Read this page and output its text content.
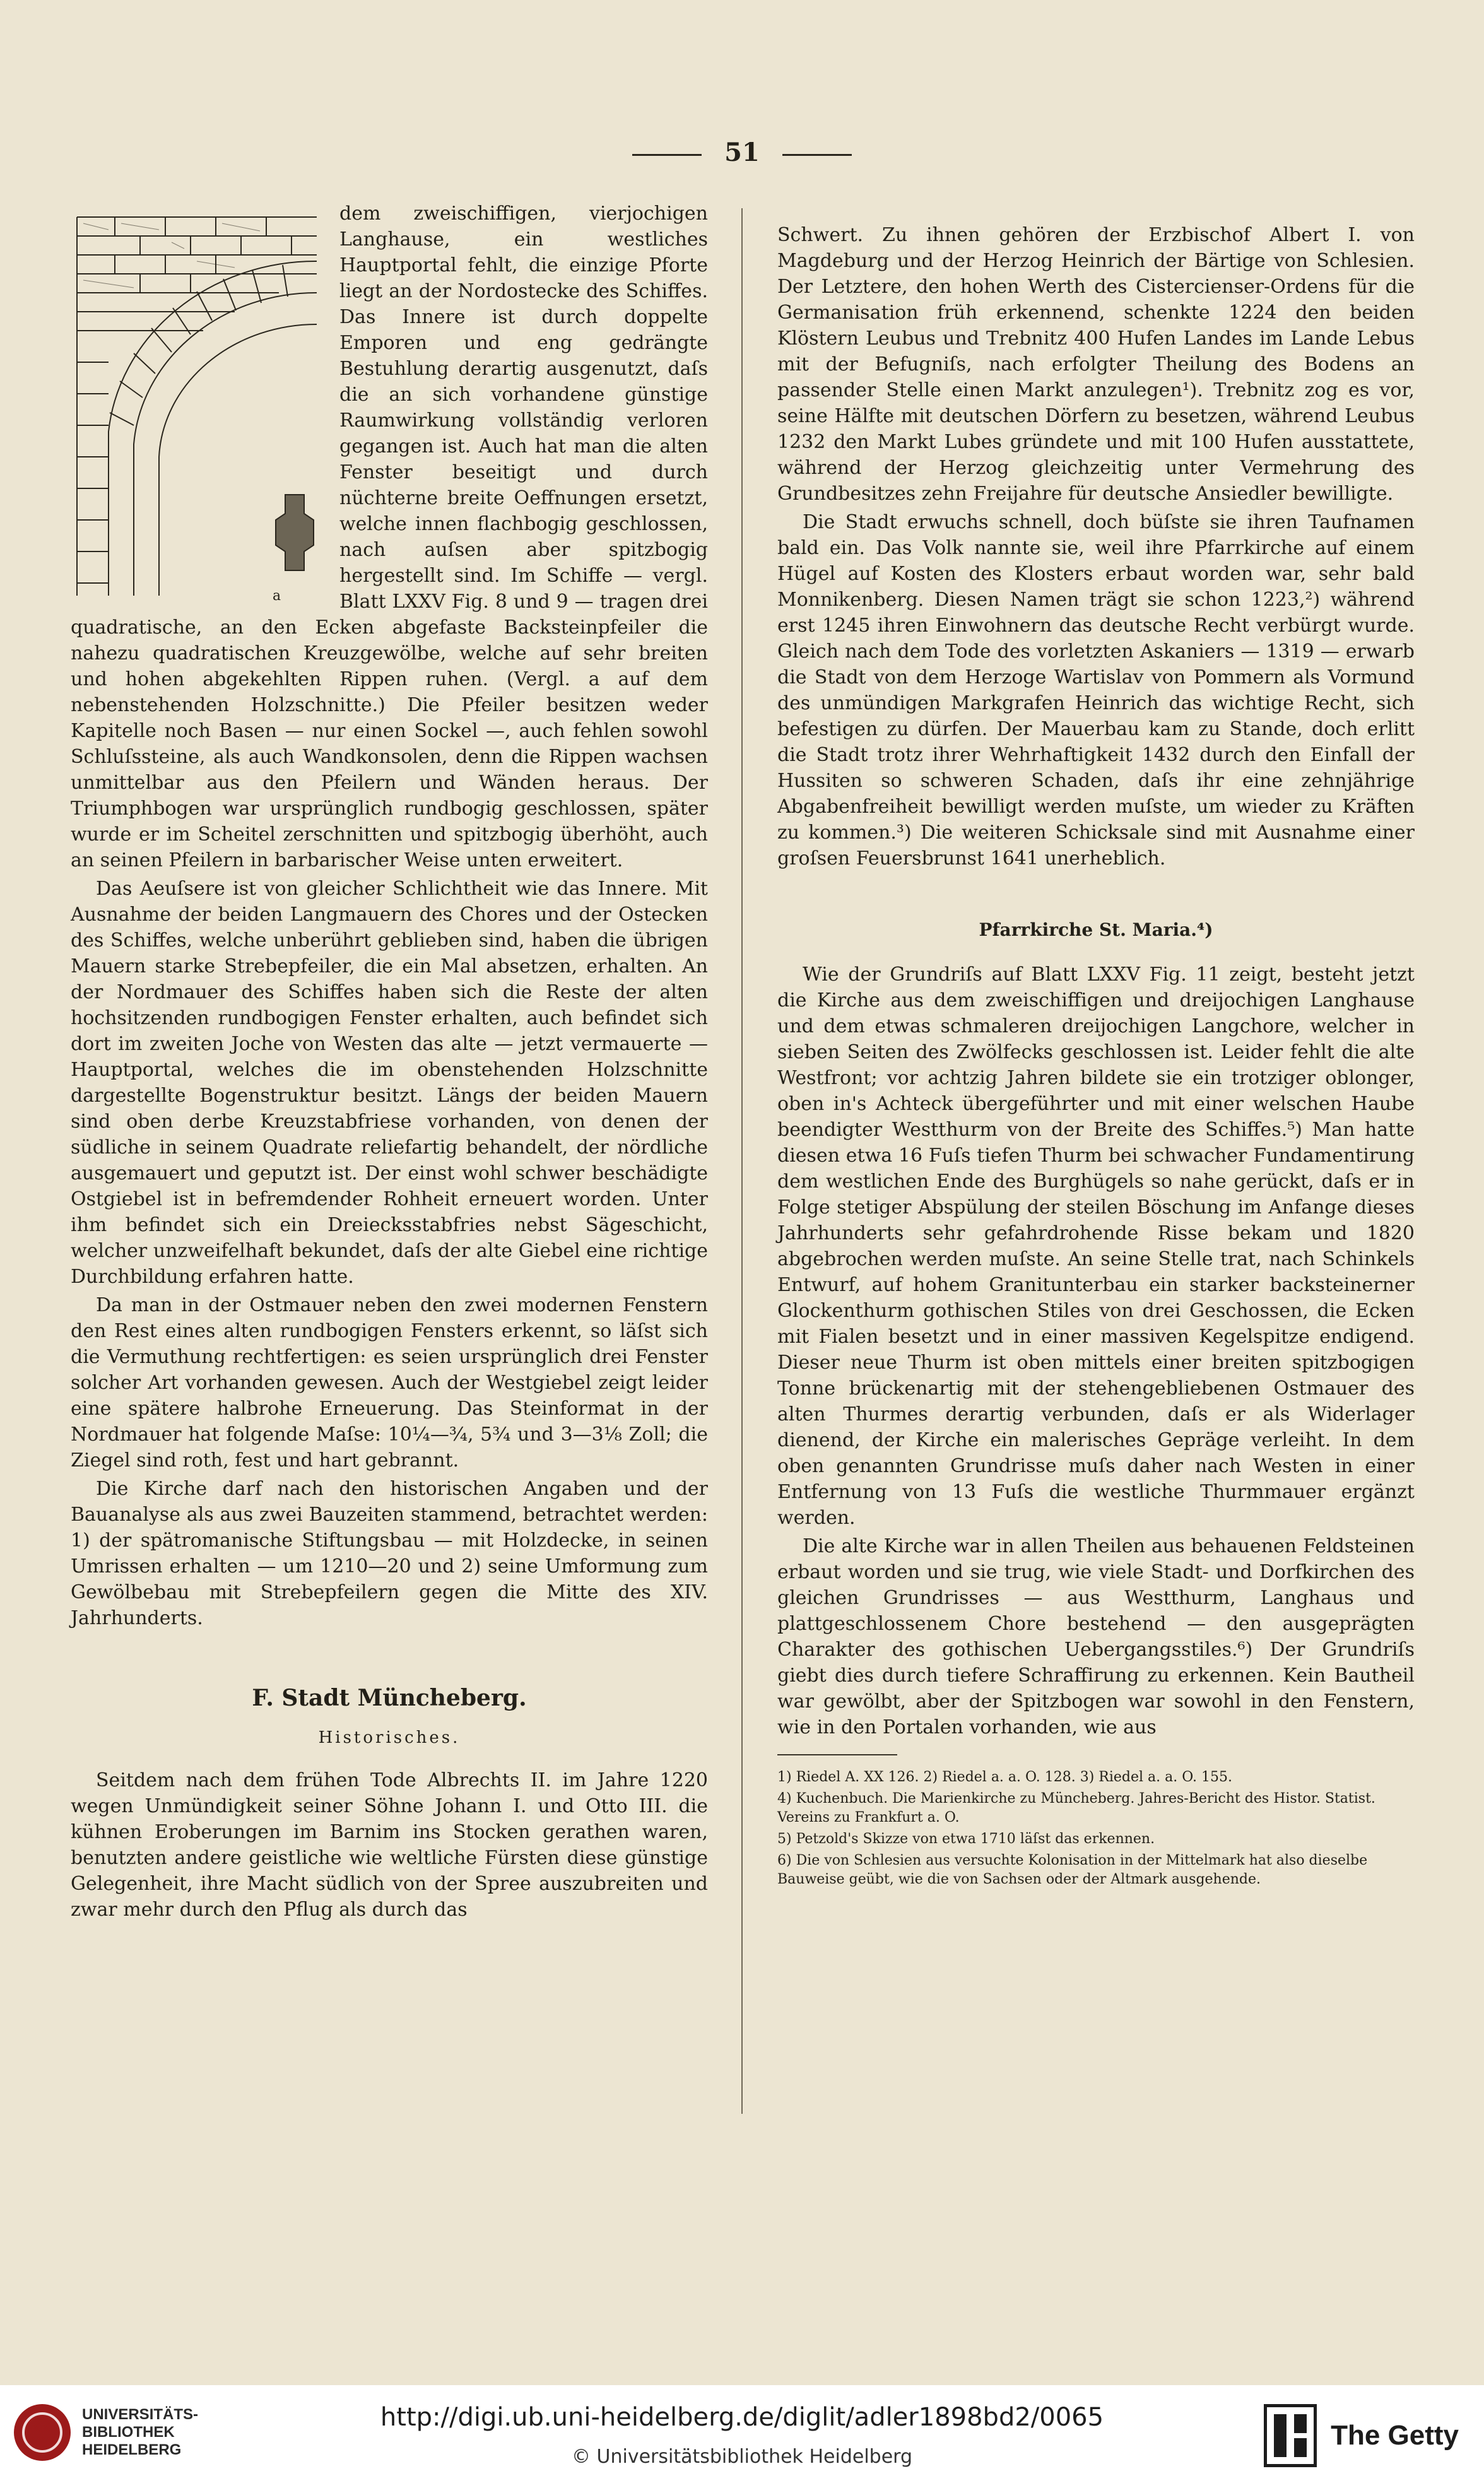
51
a

dem zweischiffigen, vierjochigen Langhause, ein westliches Hauptportal fehlt, die einzige Pforte liegt an der Nordostecke des Schiffes. Das Innere ist durch doppelte Emporen und eng gedrängte Bestuhlung derartig ausgenutzt, daſs die an sich vorhandene günstige Raumwirkung vollständig verloren gegangen ist. Auch hat man die alten Fenster beseitigt und durch nüchterne breite Oeffnungen ersetzt, welche innen flachbogig geschlossen, nach auſsen aber spitzbogig hergestellt sind. Im Schiffe — vergl. Blatt LXXV Fig. 8 und 9 — tragen drei quadratische, an den Ecken abgefaste Backsteinpfeiler die nahezu quadratischen Kreuzgewölbe, welche auf sehr breiten und hohen abgekehlten Rippen ruhen. (Vergl. a auf dem nebenstehenden Holzschnitte.) Die Pfeiler besitzen weder Kapitelle noch Basen — nur einen Sockel —, auch fehlen sowohl Schluſssteine, als auch Wandkonsolen, denn die Rippen wachsen unmittelbar aus den Pfeilern und Wänden heraus. Der Triumphbogen war ursprünglich rundbogig geschlossen, später wurde er im Scheitel zerschnitten und spitzbogig überhöht, auch an seinen Pfeilern in barbarischer Weise unten erweitert.

Das Aeuſsere ist von gleicher Schlichtheit wie das Innere. Mit Ausnahme der beiden Langmauern des Chores und der Ostecken des Schiffes, welche unberührt geblieben sind, haben die übrigen Mauern starke Strebepfeiler, die ein Mal absetzen, erhalten. An der Nordmauer des Schiffes haben sich die Reste der alten hochsitzenden rundbogigen Fenster erhalten, auch befindet sich dort im zweiten Joche von Westen das alte — jetzt vermauerte — Hauptportal, welches die im obenstehenden Holzschnitte dargestellte Bogenstruktur besitzt. Längs der beiden Mauern sind oben derbe Kreuzstabfriese vorhanden, von denen der südliche in seinem Quadrate reliefartig behandelt, der nördliche ausgemauert und geputzt ist. Der einst wohl schwer beschädigte Ostgiebel ist in befremdender Rohheit erneuert worden. Unter ihm befindet sich ein Dreiecksstabfries nebst Sägeschicht, welcher unzweifelhaft bekundet, daſs der alte Giebel eine richtige Durchbildung erfahren hatte.

Da man in der Ostmauer neben den zwei modernen Fenstern den Rest eines alten rundbogigen Fensters erkennt, so läſst sich die Vermuthung rechtfertigen: es seien ursprünglich drei Fenster solcher Art vorhanden gewesen. Auch der Westgiebel zeigt leider eine spätere halbrohe Erneuerung. Das Steinformat in der Nordmauer hat folgende Maſse: 10¼—¾, 5¾ und 3—3⅛ Zoll; die Ziegel sind roth, fest und hart gebrannt.

Die Kirche darf nach den historischen Angaben und der Bauanalyse als aus zwei Bauzeiten stammend, betrachtet werden: 1) der spätromanische Stiftungsbau — mit Holzdecke, in seinen Umrissen erhalten — um 1210—20 und 2) seine Umformung zum Gewölbebau mit Strebepfeilern gegen die Mitte des XIV. Jahrhunderts.

F. Stadt Müncheberg.
Historisches.

Seitdem nach dem frühen Tode Albrechts II. im Jahre 1220 wegen Unmündigkeit seiner Söhne Johann I. und Otto III. die kühnen Eroberungen im Barnim ins Stocken gerathen waren, benutzten andere geistliche wie weltliche Fürsten diese günstige Gelegenheit, ihre Macht südlich von der Spree auszubreiten und zwar mehr durch den Pflug als durch das

Schwert. Zu ihnen gehören der Erzbischof Albert I. von Magdeburg und der Herzog Heinrich der Bärtige von Schlesien. Der Letztere, den hohen Werth des Cistercienser-Ordens für die Germanisation früh erkennend, schenkte 1224 den beiden Klöstern Leubus und Trebnitz 400 Hufen Landes im Lande Lebus mit der Befugniſs, nach erfolgter Theilung des Bodens an passender Stelle einen Markt anzulegen¹). Trebnitz zog es vor, seine Hälfte mit deutschen Dörfern zu besetzen, während Leubus 1232 den Markt Lubes gründete und mit 100 Hufen ausstattete, während der Herzog gleichzeitig unter Vermehrung des Grundbesitzes zehn Freijahre für deutsche Ansiedler bewilligte.

Die Stadt erwuchs schnell, doch büſste sie ihren Taufnamen bald ein. Das Volk nannte sie, weil ihre Pfarrkirche auf einem Hügel auf Kosten des Klosters erbaut worden war, sehr bald Monnikenberg. Diesen Namen trägt sie schon 1223,²) während erst 1245 ihren Einwohnern das deutsche Recht verbürgt wurde. Gleich nach dem Tode des vorletzten Askaniers — 1319 — erwarb die Stadt von dem Herzoge Wartislav von Pommern als Vormund des unmündigen Markgrafen Heinrich das wichtige Recht, sich befestigen zu dürfen. Der Mauerbau kam zu Stande, doch erlitt die Stadt trotz ihrer Wehrhaftigkeit 1432 durch den Einfall der Hussiten so schweren Schaden, daſs ihr eine zehnjährige Abgabenfreiheit bewilligt werden muſste, um wieder zu Kräften zu kommen.³) Die weiteren Schicksale sind mit Ausnahme einer groſsen Feuersbrunst 1641 unerheblich.

Pfarrkirche St. Maria.⁴)

Wie der Grundriſs auf Blatt LXXV Fig. 11 zeigt, besteht jetzt die Kirche aus dem zweischiffigen und dreijochigen Langhause und dem etwas schmaleren dreijochigen Langchore, welcher in sieben Seiten des Zwölfecks geschlossen ist. Leider fehlt die alte Westfront; vor achtzig Jahren bildete sie ein trotziger oblonger, oben in's Achteck übergeführter und mit einer welschen Haube beendigter Westthurm von der Breite des Schiffes.⁵) Man hatte diesen etwa 16 Fuſs tiefen Thurm bei schwacher Fundamentirung dem westlichen Ende des Burghügels so nahe gerückt, daſs er in Folge stetiger Abspülung der steilen Böschung im Anfange dieses Jahrhunderts sehr gefahrdrohende Risse bekam und 1820 abgebrochen werden muſste. An seine Stelle trat, nach Schinkels Entwurf, auf hohem Granitunterbau ein starker backsteinerner Glockenthurm gothischen Stiles von drei Geschossen, die Ecken mit Fialen besetzt und in einer massiven Kegelspitze endigend. Dieser neue Thurm ist oben mittels einer breiten spitzbogigen Tonne brückenartig mit der stehengebliebenen Ostmauer des alten Thurmes derartig verbunden, daſs er als Widerlager dienend, der Kirche ein malerisches Gepräge verleiht. In dem oben genannten Grundrisse muſs daher nach Westen in einer Entfernung von 13 Fuſs die westliche Thurmmauer ergänzt werden.

Die alte Kirche war in allen Theilen aus behauenen Feldsteinen erbaut worden und sie trug, wie viele Stadt- und Dorfkirchen des gleichen Grundrisses — aus Westthurm, Langhaus und plattgeschlossenem Chore bestehend — den ausgeprägten Charakter des gothischen Uebergangsstiles.⁶) Der Grundriſs giebt dies durch tiefere Schraffirung zu erkennen. Kein Bautheil war gewölbt, aber der Spitzbogen war sowohl in den Fenstern, wie in den Portalen vorhanden, wie aus

1) Riedel A. XX 126. 2) Riedel a. a. O. 128. 3) Riedel a. a. O. 155.
4) Kuchenbuch. Die Marienkirche zu Müncheberg. Jahres-Bericht des Histor. Statist. Vereins zu Frankfurt a. O.
5) Petzold's Skizze von etwa 1710 läſst das erkennen.
6) Die von Schlesien aus versuchte Kolonisation in der Mittelmark hat also dieselbe Bauweise geübt, wie die von Sachsen oder der Altmark ausgehende.
UNIVERSITÄTS-
BIBLIOTHEK
HEIDELBERG
http://digi.ub.uni-heidelberg.de/diglit/adler1898bd2/0065
© Universitätsbibliothek Heidelberg
The Getty
